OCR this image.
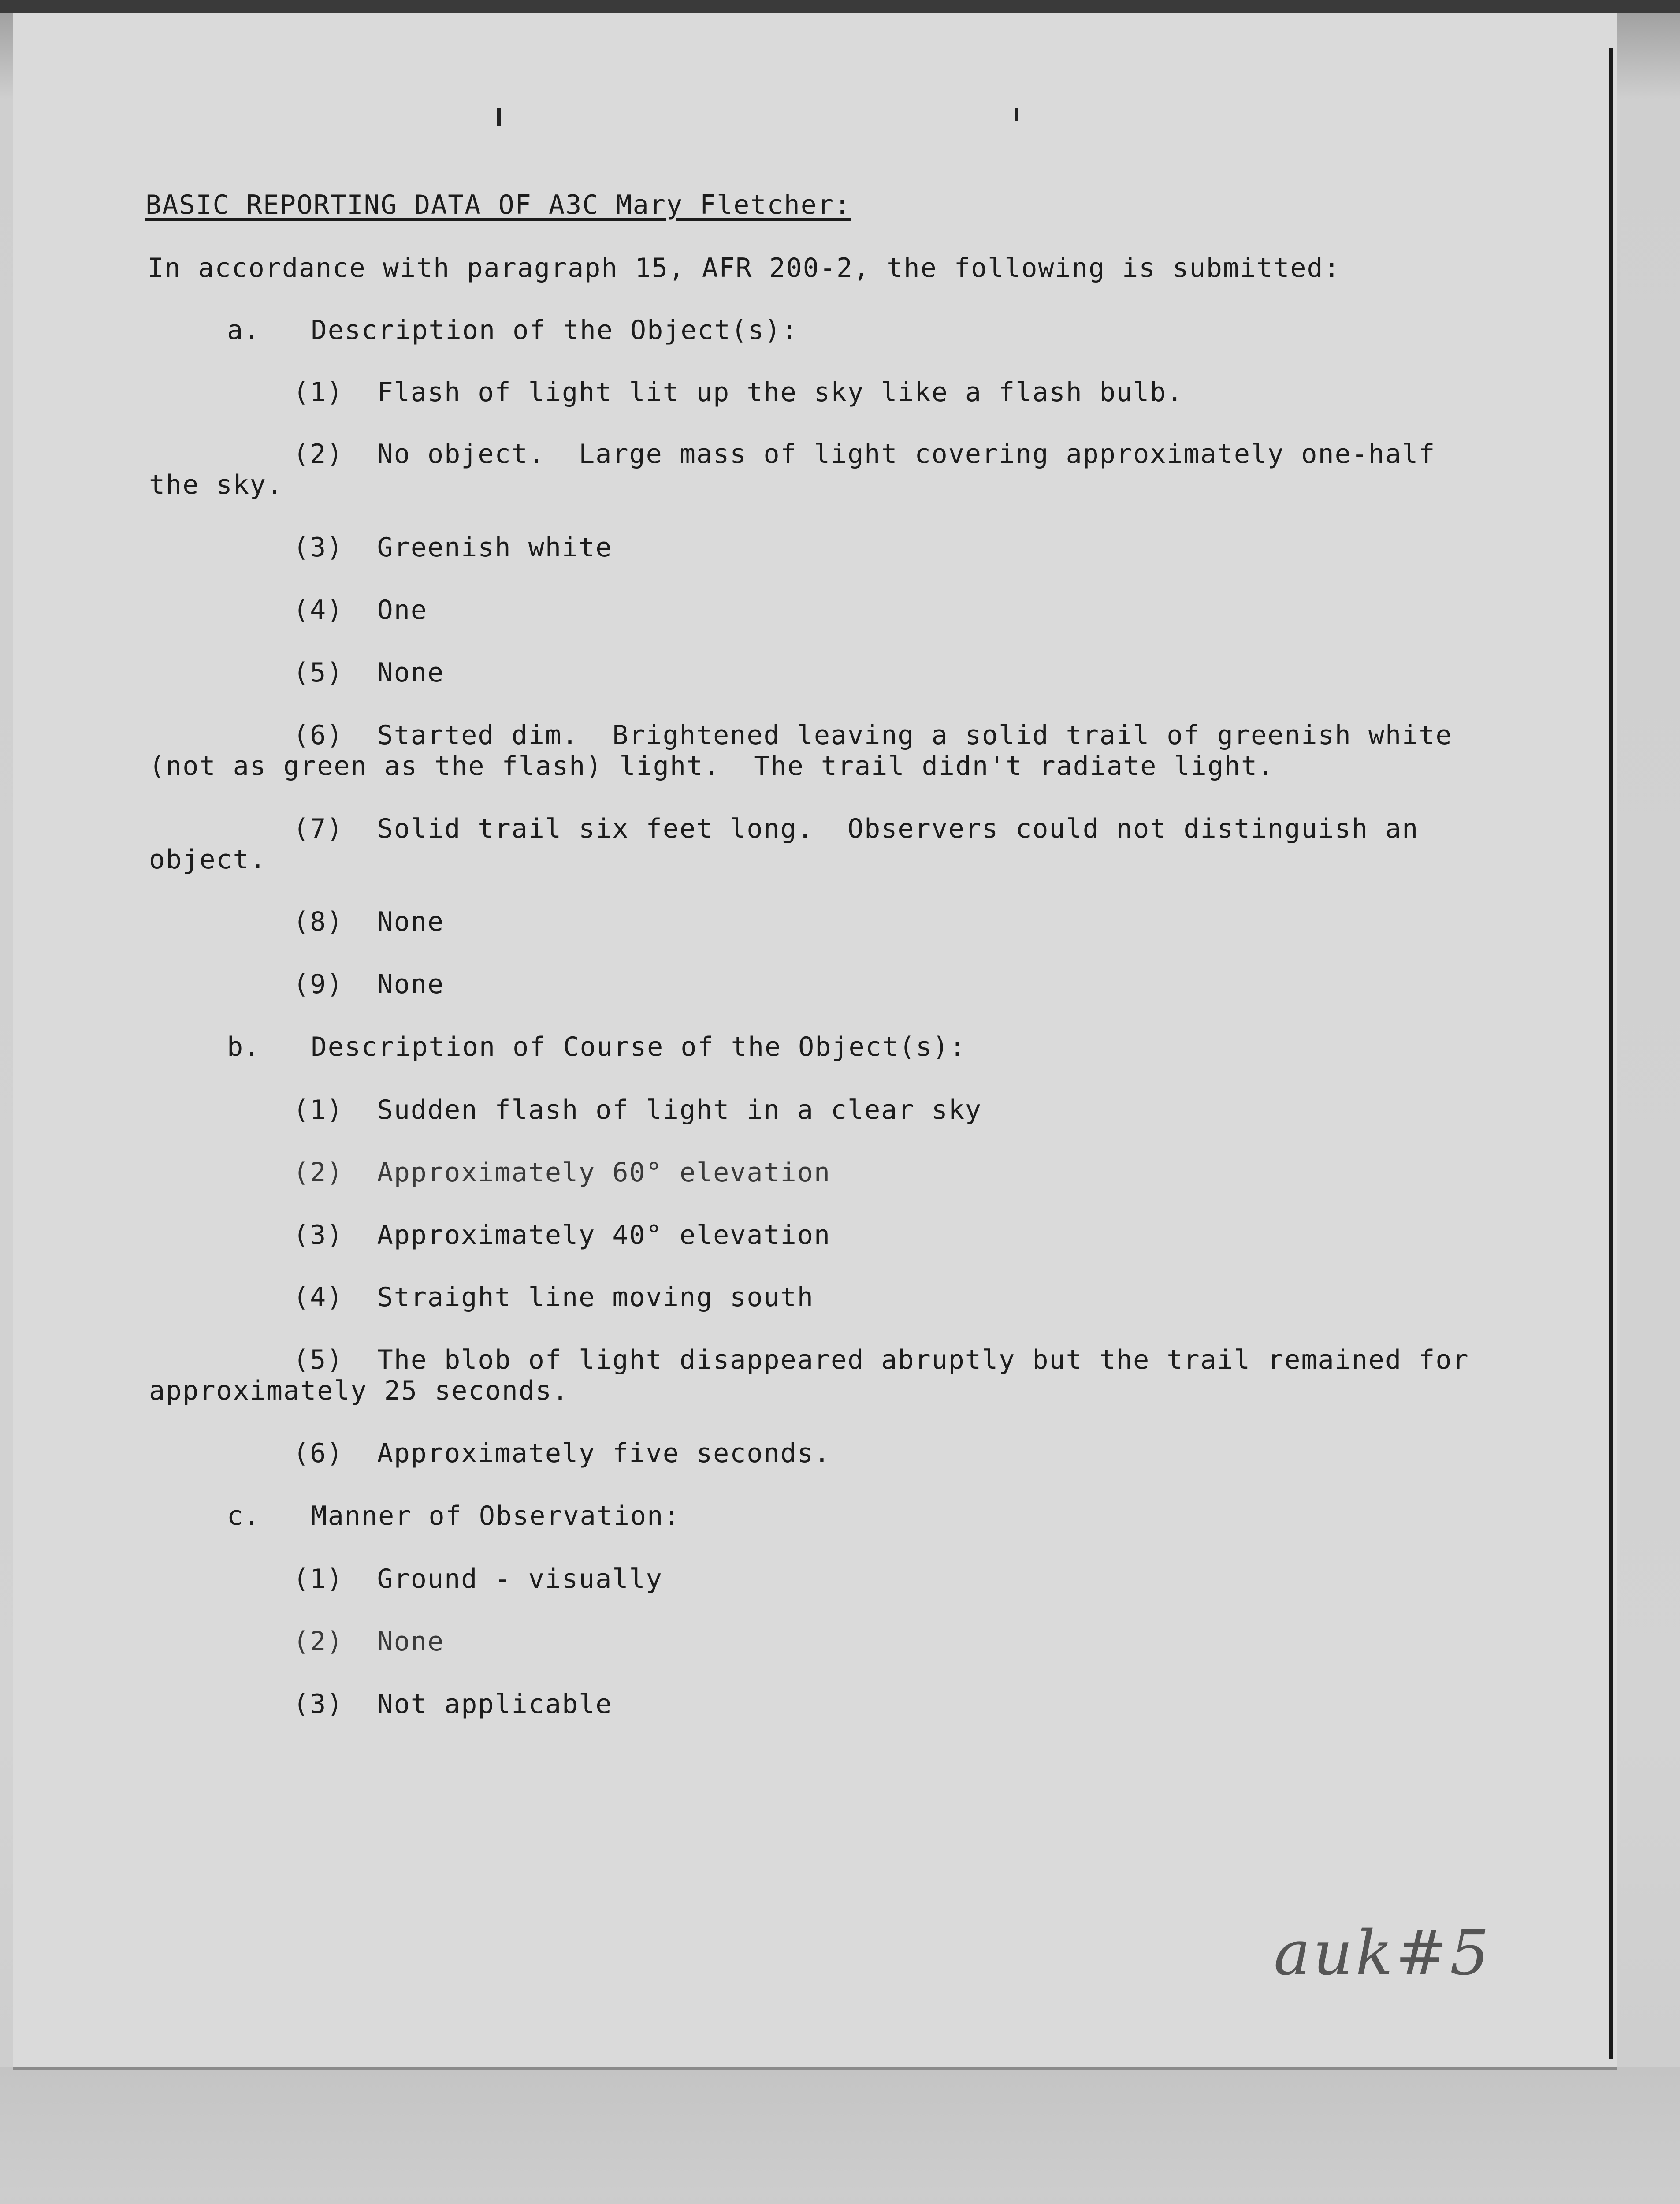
BASIC REPORTING DATA OF A3C Mary Fletcher:
In accordance with paragraph 15, AFR 200-2, the following is submitted:
a.   Description of the Object(s):
(1)  Flash of light lit up the sky like a flash bulb.
(2)  No object.  Large mass of light covering approximately one-half
the sky.
(3)  Greenish white
(4)  One
(5)  None
(6)  Started dim.  Brightened leaving a solid trail of greenish white
(not as green as the flash) light.  The trail didn't radiate light.
(7)  Solid trail six feet long.  Observers could not distinguish an
object.
(8)  None
(9)  None
b.   Description of Course of the Object(s):
(1)  Sudden flash of light in a clear sky
(2)  Approximately 60° elevation
(3)  Approximately 40° elevation
(4)  Straight line moving south
(5)  The blob of light disappeared abruptly but the trail remained for
approximately 25 seconds.
(6)  Approximately five seconds.
c.   Manner of Observation:
(1)  Ground - visually
(2)  None
(3)  Not applicable
auk#5
